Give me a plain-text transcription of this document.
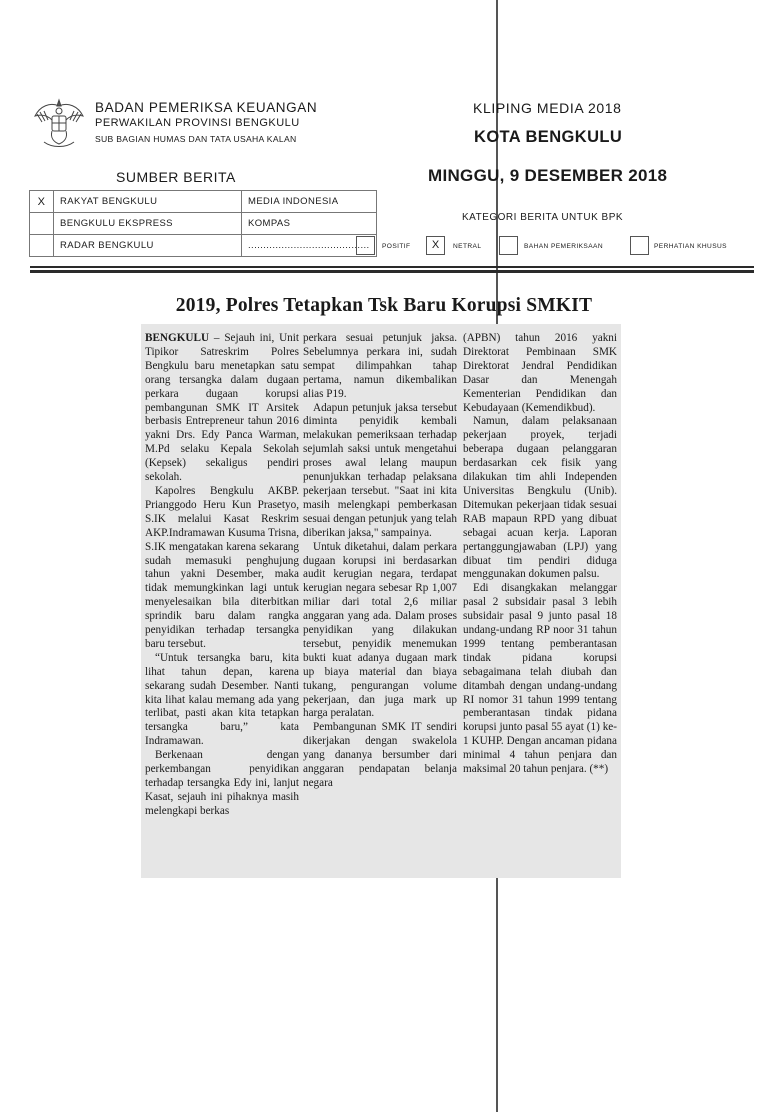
BADAN PEMERIKSA KEUANGAN
PERWAKILAN PROVINSI BENGKULU
SUB BAGIAN HUMAS DAN TATA USAHA KALAN
KLIPING MEDIA 2018
KOTA BENGKULU
MINGGU, 9 DESEMBER 2018
SUMBER BERITA
X	RAKYAT BENGKULU	MEDIA INDONESIA
	BENGKULU EKSPRESS	KOMPAS
	RADAR BENGKULU	........................................
KATEGORI BERITA UNTUK BPK
POSITIF	X	NETRAL	BAHAN PEMERIKSAAN	PERHATIAN KHUSUS
2019, Polres Tetapkan Tsk Baru Korupsi SMKIT

BENGKULU – Sejauh ini, Unit Tipikor Satreskrim Polres Bengkulu baru menetapkan satu orang tersangka dalam dugaan perkara dugaan korupsi pembangunan SMK IT Arsitek berbasis Entrepreneur tahun 2016 yakni Drs. Edy Panca Warman, M.Pd selaku Kepala Sekolah (Kepsek) sekaligus pendiri sekolah.

Kapolres Bengkulu AKBP. Prianggodo Heru Kun Prasetyo, S.IK melalui Kasat Reskrim AKP.Indramawan Kusuma Trisna, S.IK mengatakan karena sekarang sudah memasuki penghujung tahun yakni Desember, maka tidak memungkinkan lagi untuk menyelesaikan bila diterbitkan sprindik baru dalam rangka penyidikan terhadap tersangka baru tersebut.

“Untuk tersangka baru, kita lihat tahun depan, karena sekarang sudah Desember. Nanti kita lihat kalau memang ada yang terlibat, pasti akan kita tetapkan tersangka baru,” kata Indramawan.

Berkenaan dengan perkembangan penyidikan terhadap tersangka Edy ini, lanjut Kasat, sejauh ini pihaknya masih melengkapi berkas

perkara sesuai petunjuk jaksa. Sebelumnya perkara ini, sudah sempat dilimpahkan tahap pertama, namun dikembalikan alias P19.

Adapun petunjuk jaksa tersebut diminta penyidik kembali melakukan pemeriksaan terhadap sejumlah saksi untuk mengetahui proses awal lelang maupun penunjukkan terhadap pelaksana pekerjaan tersebut. "Saat ini kita masih melengkapi pemberkasan sesuai dengan petunjuk yang telah diberikan jaksa," sampainya.

Untuk diketahui, dalam perkara dugaan korupsi ini berdasarkan audit kerugian negara, terdapat kerugian negara sebesar Rp 1,007 miliar dari total 2,6 miliar anggaran yang ada. Dalam proses penyidikan yang dilakukan tersebut, penyidik menemukan bukti kuat adanya dugaan mark up biaya material dan biaya tukang, pengurangan volume pekerjaan, dan juga mark up harga peralatan.

Pembangunan SMK IT sendiri dikerjakan dengan swakelola yang dananya bersumber dari anggaran pendapatan belanja negara

(APBN) tahun 2016 yakni Direktorat Pembinaan SMK Direktorat Jendral Pendidikan Dasar dan Menengah Kementerian Pendidikan dan Kebudayaan (Kemendikbud).

Namun, dalam pelaksanaan pekerjaan proyek, terjadi beberapa dugaan pelanggaran berdasarkan cek fisik yang dilakukan tim ahli Independen Universitas Bengkulu (Unib). Ditemukan pekerjaan tidak sesuai RAB mapaun RPD yang dibuat sebagai acuan kerja. Laporan pertanggungjawaban (LPJ) yang dibuat tim pendiri diduga menggunakan dokumen palsu.

Edi disangkakan melanggar pasal 2 subsidair pasal 3 lebih subsidair pasal 9 junto pasal 18 undang-undang RP noor 31 tahun 1999 tentang pemberantasan tindak pidana korupsi sebagaimana telah diubah dan ditambah dengan undang-undang RI nomor 31 tahun 1999 tentang pemberantasan tindak pidana korupsi junto pasal 55 ayat (1) ke-1 KUHP. Dengan ancaman pidana minimal 4 tahun penjara dan maksimal 20 tahun penjara. (**)
